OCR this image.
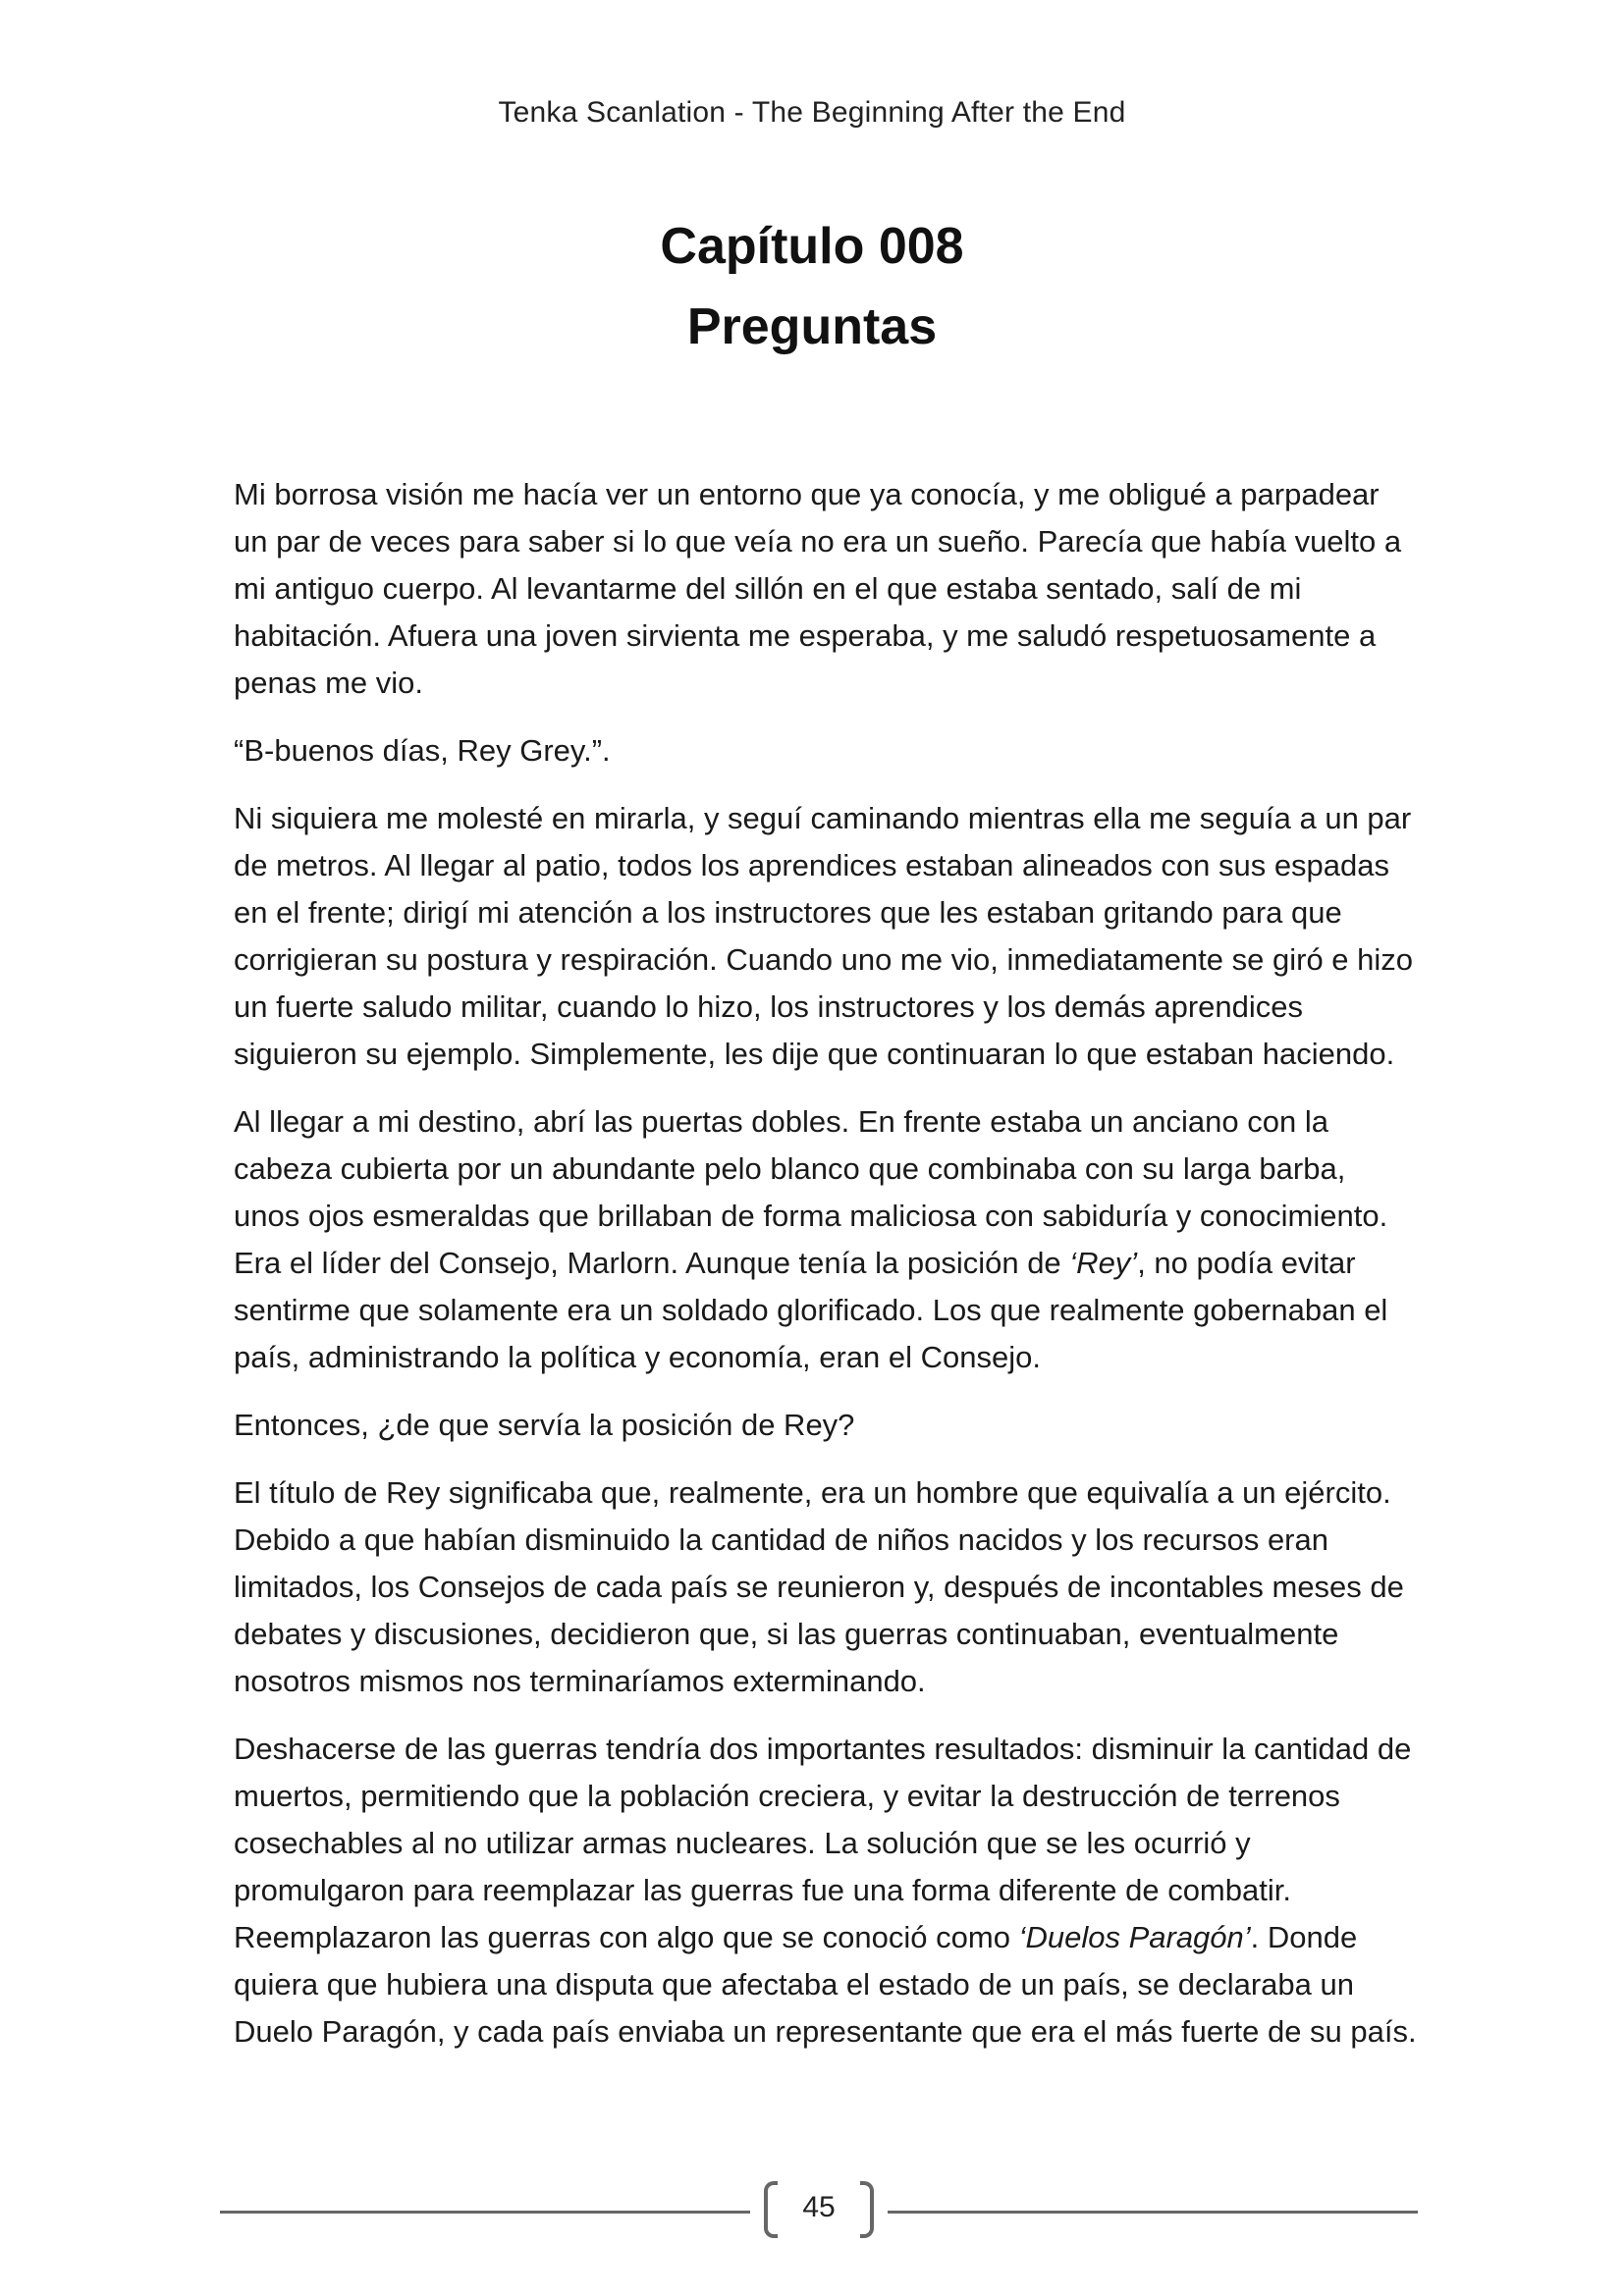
Tenka Scanlation - The Beginning After the End
Capítulo 008
Preguntas

Mi borrosa visión me hacía ver un entorno que ya conocía, y me obligué a parpadear un par de veces para saber si lo que veía no era un sueño. Parecía que había vuelto a mi antiguo cuerpo. Al levantarme del sillón en el que estaba sentado, salí de mi habitación. Afuera una joven sirvienta me esperaba, y me saludó respetuosamente a penas me vio.

“B-buenos días, Rey Grey.”.

Ni siquiera me molesté en mirarla, y seguí caminando mientras ella me seguía a un par de metros. Al llegar al patio, todos los aprendices estaban alineados con sus espadas en el frente; dirigí mi atención a los instructores que les estaban gritando para que corrigieran su postura y respiración. Cuando uno me vio, inmediatamente se giró e hizo un fuerte saludo militar, cuando lo hizo, los instructores y los demás aprendices siguieron su ejemplo. Simplemente, les dije que continuaran lo que estaban haciendo.

Al llegar a mi destino, abrí las puertas dobles. En frente estaba un anciano con la cabeza cubierta por un abundante pelo blanco que combinaba con su larga barba, unos ojos esmeraldas que brillaban de forma maliciosa con sabiduría y conocimiento. Era el líder del Consejo, Marlorn. Aunque tenía la posición de ‘Rey’, no podía evitar sentirme que solamente era un soldado glorificado. Los que realmente gobernaban el país, administrando la política y economía, eran el Consejo.

Entonces, ¿de que servía la posición de Rey?

El título de Rey significaba que, realmente, era un hombre que equivalía a un ejército. Debido a que habían disminuido la cantidad de niños nacidos y los recursos eran limitados, los Consejos de cada país se reunieron y, después de incontables meses de debates y discusiones, decidieron que, si las guerras continuaban, eventualmente nosotros mismos nos terminaríamos exterminando.

Deshacerse de las guerras tendría dos importantes resultados: disminuir la cantidad de muertos, permitiendo que la población creciera, y evitar la destrucción de terrenos cosechables al no utilizar armas nucleares. La solución que se les ocurrió y promulgaron para reemplazar las guerras fue una forma diferente de combatir. Reemplazaron las guerras con algo que se conoció como ‘Duelos Paragón’. Donde quiera que hubiera una disputa que afectaba el estado de un país, se declaraba un Duelo Paragón, y cada país enviaba un representante que era el más fuerte de su país.

45
